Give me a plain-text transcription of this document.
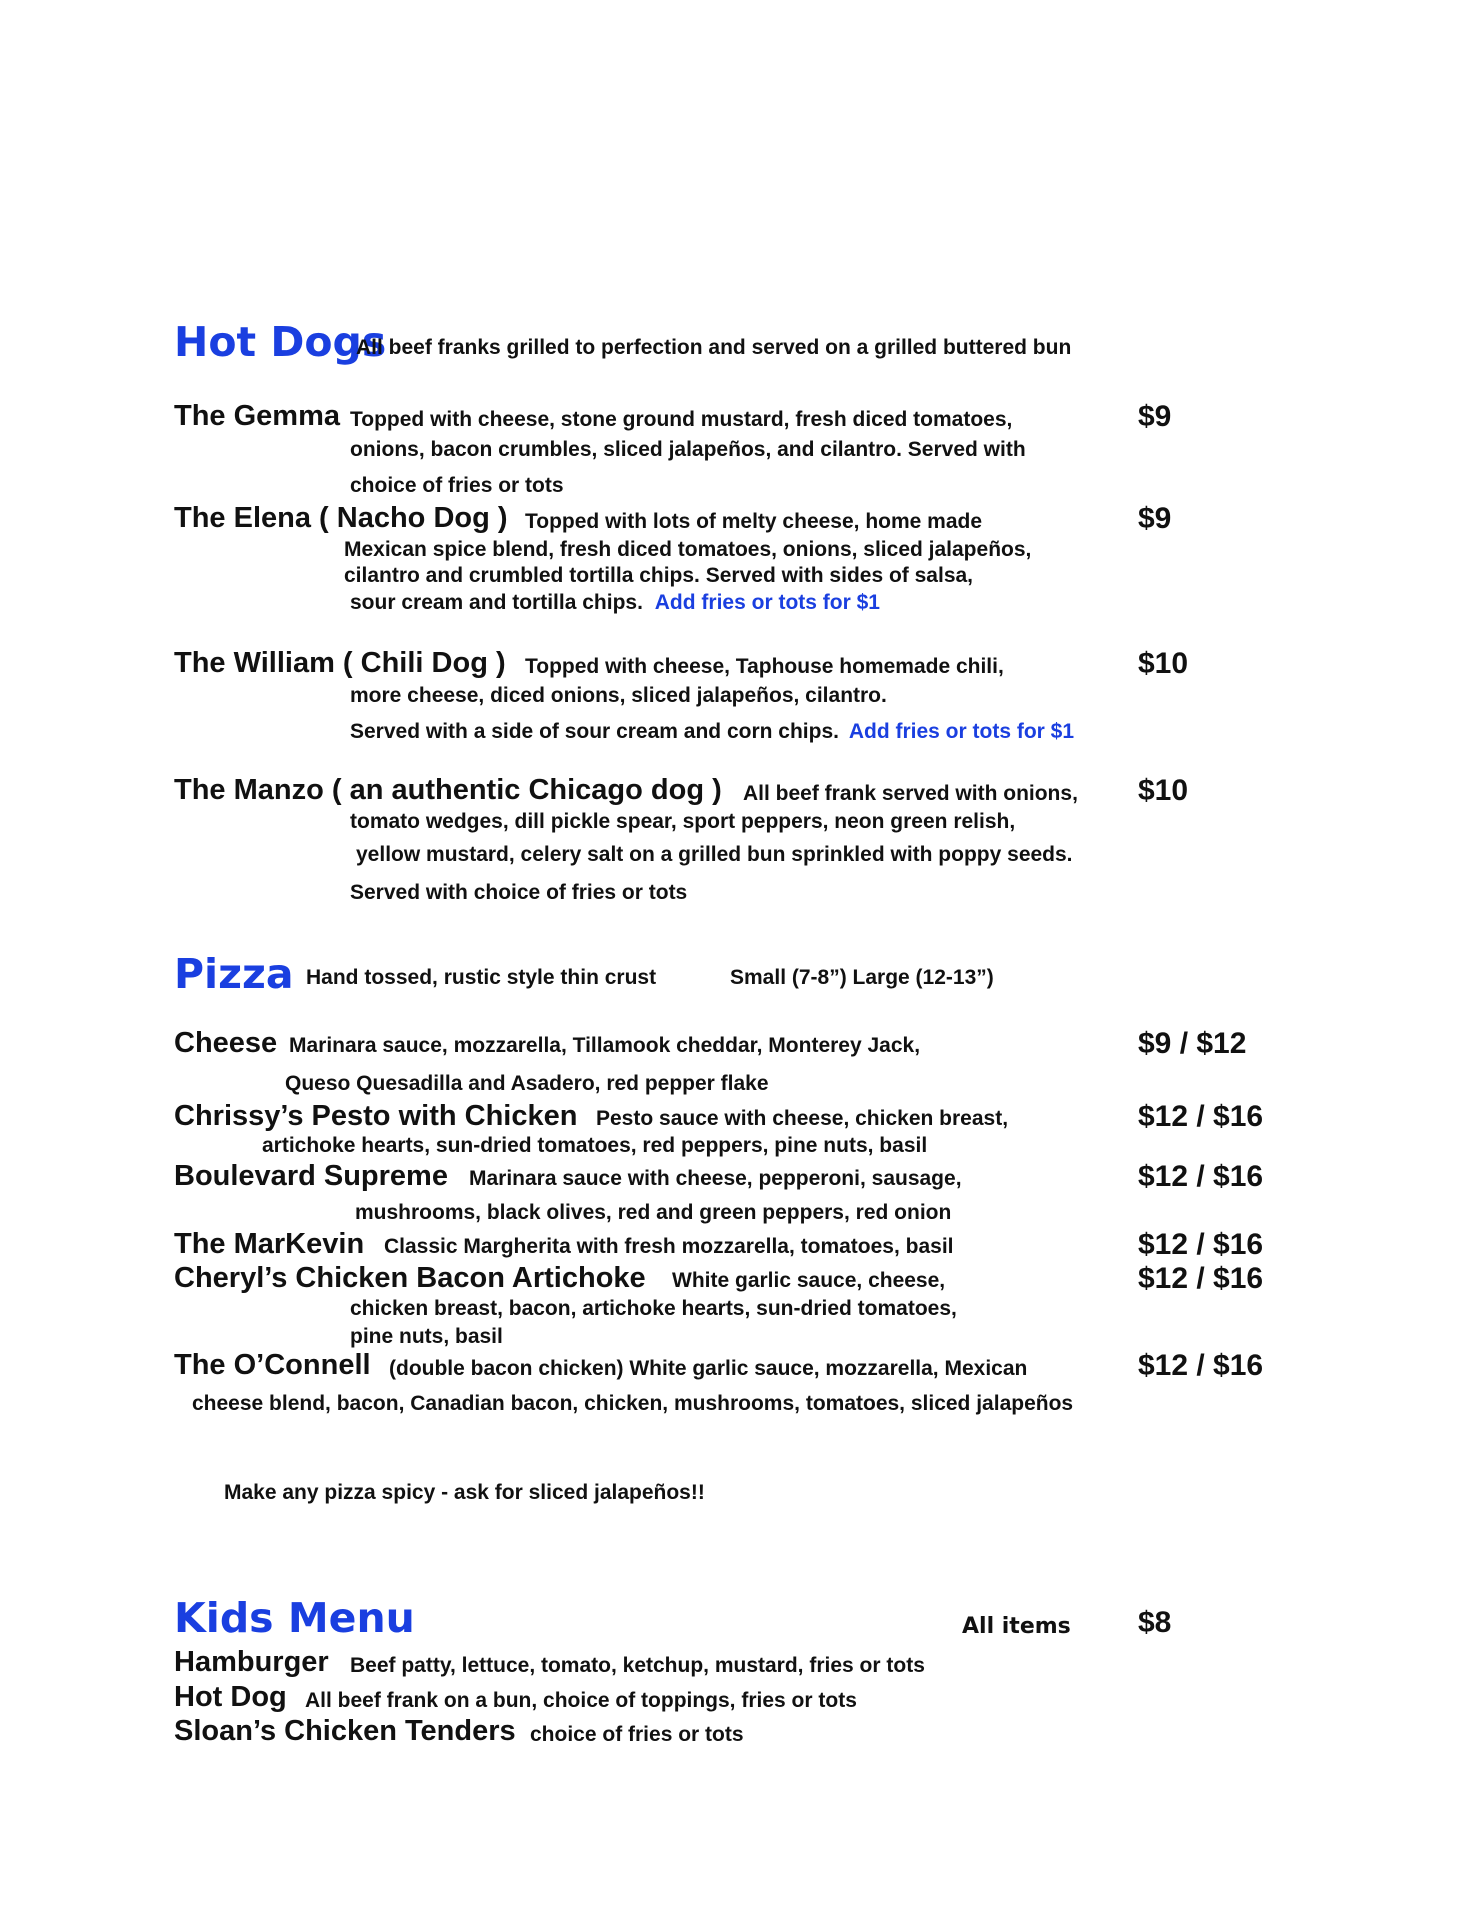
Hot Dogs
All beef franks grilled to perfection and served on a grilled buttered bun
The Gemma Topped with cheese, stone ground mustard, fresh diced tomatoes,
onions, bacon crumbles, sliced jalapeños, and cilantro. Served with
choice of fries or tots
$9
The Elena ( Nacho Dog ) Topped with lots of melty cheese, home made
Mexican spice blend, fresh diced tomatoes, onions, sliced jalapeños,
cilantro and crumbled tortilla chips. Served with sides of salsa,
sour cream and tortilla chips. Add fries or tots for $1
$9
The William ( Chili Dog ) Topped with cheese, Taphouse homemade chili,
more cheese, diced onions, sliced jalapeños, cilantro.
Served with a side of sour cream and corn chips. Add fries or tots for $1
$10
The Manzo ( an authentic Chicago dog ) All beef frank served with onions,
tomato wedges, dill pickle spear, sport peppers, neon green relish,
yellow mustard, celery salt on a grilled bun sprinkled with poppy seeds.
Served with choice of fries or tots
$10
Pizza Hand tossed, rustic style thin crust	Small (7-8”) Large (12-13”)
Cheese Marinara sauce, mozzarella, Tillamook cheddar, Monterey Jack,
Queso Quesadilla and Asadero, red pepper flake
$9 / $12
Chrissy’s Pesto with Chicken Pesto sauce with cheese, chicken breast,
artichoke hearts, sun-dried tomatoes, red peppers, pine nuts, basil
$12 / $16
Boulevard Supreme Marinara sauce with cheese, pepperoni, sausage,
mushrooms, black olives, red and green peppers, red onion
$12 / $16
The MarKevin Classic Margherita with fresh mozzarella, tomatoes, basil	$12 / $16
Cheryl’s Chicken Bacon Artichoke White garlic sauce, cheese,
chicken breast, bacon, artichoke hearts, sun-dried tomatoes,
pine nuts, basil
$12 / $16
The O’Connell (double bacon chicken) White garlic sauce, mozzarella, Mexican
cheese blend, bacon, Canadian bacon, chicken, mushrooms, tomatoes, sliced jalapeños
$12 / $16
Make any pizza spicy - ask for sliced jalapeños!!
Kids Menu	All items $8
Hamburger Beef patty, lettuce, tomato, ketchup, mustard, fries or tots
Hot Dog All beef frank on a bun, choice of toppings, fries or tots
Sloan’s Chicken Tenders choice of fries or tots
